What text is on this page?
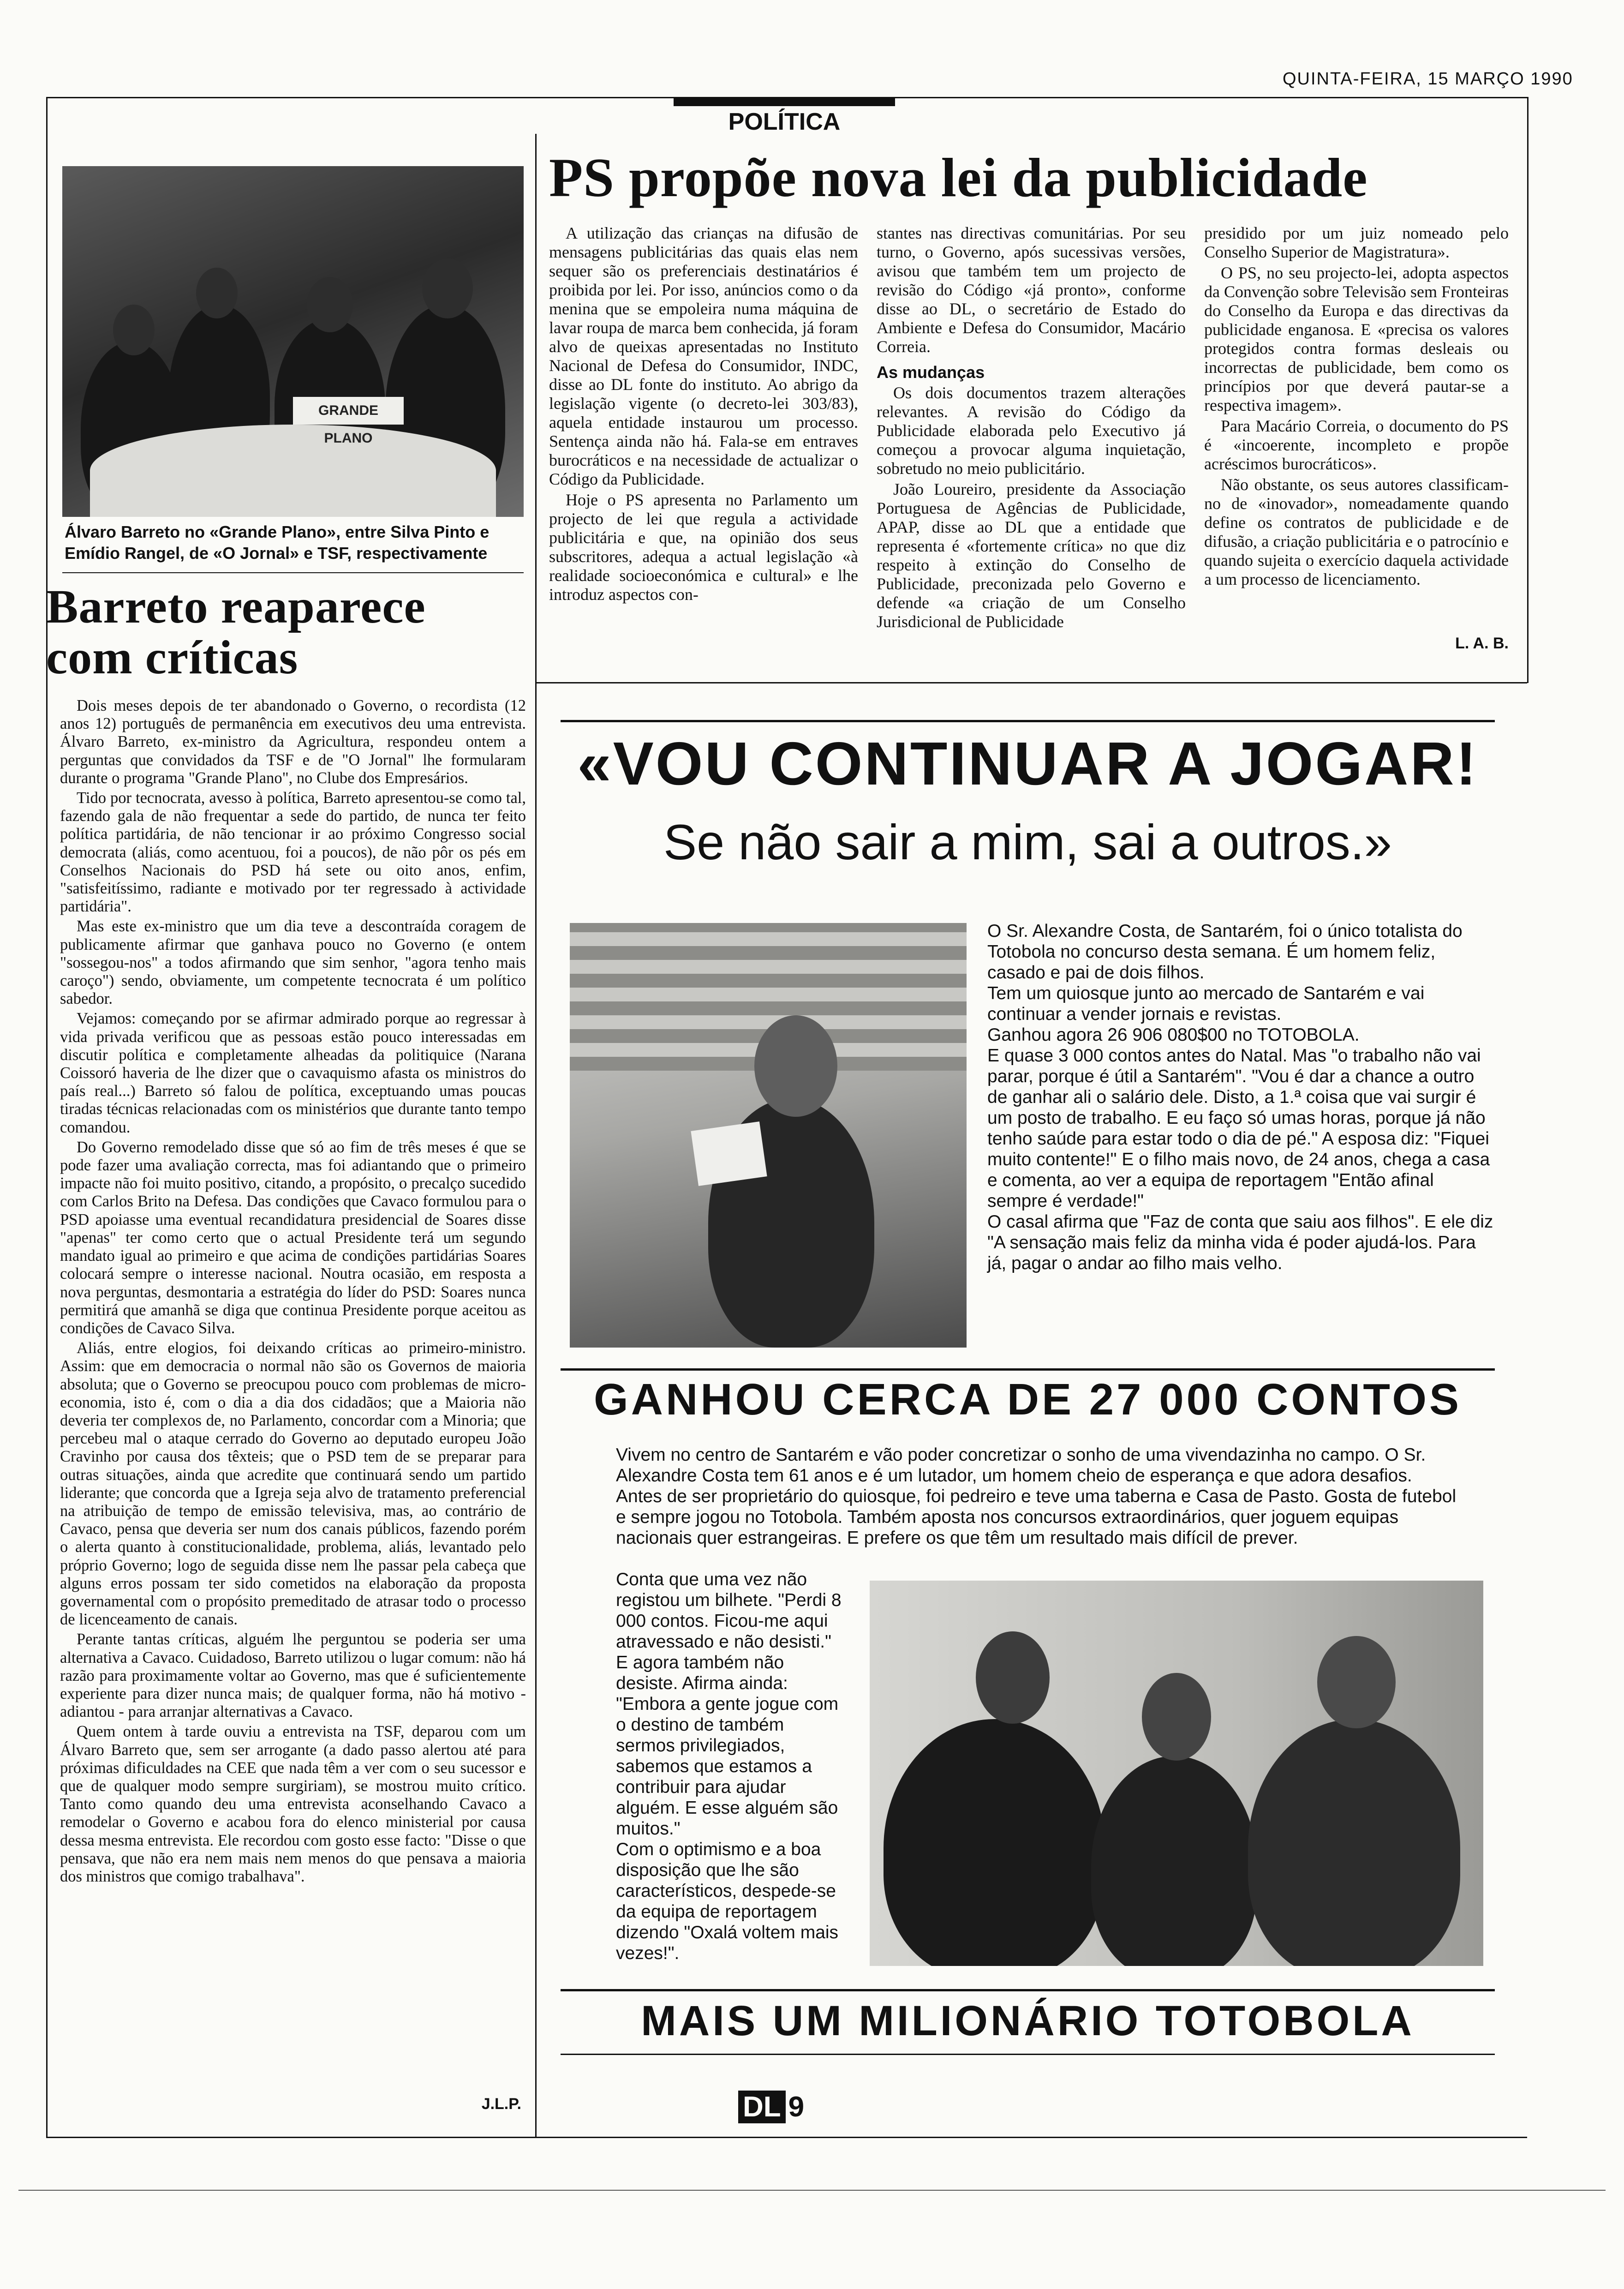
QUINTA-FEIRA, 15 MARÇO 1990
POLÍTICA
PS propõe nova lei da publicidade

A utilização das crianças na difusão de mensagens publicitárias das quais elas nem sequer são os preferenciais destinatários é proibida por lei. Por isso, anúncios como o da menina que se empoleira numa máquina de lavar roupa de marca bem conhecida, já foram alvo de queixas apresentadas no Instituto Nacional de Defesa do Consumidor, INDC, disse ao DL fonte do instituto. Ao abrigo da legislação vigente (o decreto-lei 303/83), aquela entidade instaurou um processo. Sentença ainda não há. Fala-se em entraves burocráticos e na necessidade de actualizar o Código da Publicidade.

Hoje o PS apresenta no Parlamento um projecto de lei que regula a actividade publicitária e que, na opinião dos seus subscritores, adequa a actual legislação «à realidade socioeconómica e cultural» e lhe introduz aspectos con-

stantes nas directivas comunitárias. Por seu turno, o Governo, após sucessivas versões, avisou que também tem um projecto de revisão do Código «já pronto», conforme disse ao DL, o secretário de Estado do Ambiente e Defesa do Consumidor, Macário Correia.

As mudanças

Os dois documentos trazem alterações relevantes. A revisão do Código da Publicidade elaborada pelo Executivo já começou a provocar alguma inquietação, sobretudo no meio publicitário.

João Loureiro, presidente da Associação Portuguesa de Agências de Publicidade, APAP, disse ao DL que a entidade que representa é «fortemente crítica» no que diz respeito à extinção do Conselho de Publicidade, preconizada pelo Governo e defende «a criação de um Conselho Jurisdicional de Publicidade

presidido por um juiz nomeado pelo Conselho Superior de Magistratura».

O PS, no seu projecto-lei, adopta aspectos da Convenção sobre Televisão sem Fronteiras do Conselho da Europa e das directivas da publicidade enganosa. E «precisa os valores protegidos contra formas desleais ou incorrectas de publicidade, bem como os princípios por que deverá pautar-se a respectiva imagem».

Para Macário Correia, o documento do PS é «incoerente, incompleto e propõe acréscimos burocráticos».

Não obstante, os seus autores classificam-no de «inovador», nomeadamente quando define os contratos de publicidade e de difusão, a criação publicitária e o patrocínio e quando sujeita o exercício daquela actividade a um processo de licenciamento.

L. A. B.
GRANDE PLANO
Álvaro Barreto no «Grande Plano», entre Silva Pinto e Emídio Rangel, de «O Jornal» e TSF, respectivamente
Barreto reaparece com críticas

Dois meses depois de ter abandonado o Governo, o recordista (12 anos 12) português de permanência em executivos deu uma entrevista. Álvaro Barreto, ex-ministro da Agricultura, respondeu ontem a perguntas que convidados da TSF e de "O Jornal" lhe formularam durante o programa "Grande Plano", no Clube dos Empresários.

Tido por tecnocrata, avesso à política, Barreto apresentou-se como tal, fazendo gala de não frequentar a sede do partido, de nunca ter feito política partidária, de não tencionar ir ao próximo Congresso social democrata (aliás, como acentuou, foi a poucos), de não pôr os pés em Conselhos Nacionais do PSD há sete ou oito anos, enfim, "satisfeitíssimo, radiante e motivado por ter regressado à actividade partidária".

Mas este ex-ministro que um dia teve a descontraída coragem de publicamente afirmar que ganhava pouco no Governo (e ontem "sossegou-nos" a todos afirmando que sim senhor, "agora tenho mais caroço") sendo, obviamente, um competente tecnocrata é um político sabedor.

Vejamos: começando por se afirmar admirado porque ao regressar à vida privada verificou que as pessoas estão pouco interessadas em discutir política e completamente alheadas da politiquice (Narana Coissoró haveria de lhe dizer que o cavaquismo afasta os ministros do país real...) Barreto só falou de política, exceptuando umas poucas tiradas técnicas relacionadas com os ministérios que durante tanto tempo comandou.

Do Governo remodelado disse que só ao fim de três meses é que se pode fazer uma avaliação correcta, mas foi adiantando que o primeiro impacte não foi muito positivo, citando, a propósito, o precalço sucedido com Carlos Brito na Defesa. Das condições que Cavaco formulou para o PSD apoiasse uma eventual recandidatura presidencial de Soares disse "apenas" ter como certo que o actual Presidente terá um segundo mandato igual ao primeiro e que acima de condições partidárias Soares colocará sempre o interesse nacional. Noutra ocasião, em resposta a nova perguntas, desmontaria a estratégia do líder do PSD: Soares nunca permitirá que amanhã se diga que continua Presidente porque aceitou as condições de Cavaco Silva.

Aliás, entre elogios, foi deixando críticas ao primeiro-ministro. Assim: que em democracia o normal não são os Governos de maioria absoluta; que o Governo se preocupou pouco com problemas de micro-economia, isto é, com o dia a dia dos cidadãos; que a Maioria não deveria ter complexos de, no Parlamento, concordar com a Minoria; que percebeu mal o ataque cerrado do Governo ao deputado europeu João Cravinho por causa dos têxteis; que o PSD tem de se preparar para outras situações, ainda que acredite que continuará sendo um partido liderante; que concorda que a Igreja seja alvo de tratamento preferencial na atribuição de tempo de emissão televisiva, mas, ao contrário de Cavaco, pensa que deveria ser num dos canais públicos, fazendo porém o alerta quanto à constitucionalidade, problema, aliás, levantado pelo próprio Governo; logo de seguida disse nem lhe passar pela cabeça que alguns erros possam ter sido cometidos na elaboração da proposta governamental com o propósito premeditado de atrasar todo o processo de licenceamento de canais.

Perante tantas críticas, alguém lhe perguntou se poderia ser uma alternativa a Cavaco. Cuidadoso, Barreto utilizou o lugar comum: não há razão para proximamente voltar ao Governo, mas que é suficientemente experiente para dizer nunca mais; de qualquer forma, não há motivo -adiantou - para arranjar alternativas a Cavaco.

Quem ontem à tarde ouviu a entrevista na TSF, deparou com um Álvaro Barreto que, sem ser arrogante (a dado passo alertou até para próximas dificuldades na CEE que nada têm a ver com o seu sucessor e que de qualquer modo sempre surgiriam), se mostrou muito crítico. Tanto como quando deu uma entrevista aconselhando Cavaco a remodelar o Governo e acabou fora do elenco ministerial por causa dessa mesma entrevista. Ele recordou com gosto esse facto: "Disse o que pensava, que não era nem mais nem menos do que pensava a maioria dos ministros que comigo trabalhava".

J.L.P.
«VOU CONTINUAR A JOGAR!
Se não sair a mim, sai a outros.»

O Sr. Alexandre Costa, de Santarém, foi o único totalista do Totobola no concurso desta semana. É um homem feliz, casado e pai de dois filhos.

Tem um quiosque junto ao mercado de Santarém e vai continuar a vender jornais e revistas.

Ganhou agora 26 906 080$00 no TOTOBOLA.

E quase 3 000 contos antes do Natal. Mas "o trabalho não vai parar, porque é útil a Santarém". "Vou é dar a chance a outro de ganhar ali o salário dele. Disto, a 1.ª coisa que vai surgir é um posto de trabalho. E eu faço só umas horas, porque já não tenho saúde para estar todo o dia de pé." A esposa diz: "Fiquei muito contente!" E o filho mais novo, de 24 anos, chega a casa e comenta, ao ver a equipa de reportagem "Então afinal sempre é verdade!"

O casal afirma que "Faz de conta que saiu aos filhos". E ele diz "A sensação mais feliz da minha vida é poder ajudá-los. Para já, pagar o andar ao filho mais velho.

GANHOU CERCA DE 27 000 CONTOS
Vivem no centro de Santarém e vão poder concretizar o sonho de uma vivendazinha no campo. O Sr. Alexandre Costa tem 61 anos e é um lutador, um homem cheio de esperança e que adora desafios. Antes de ser proprietário do quiosque, foi pedreiro e teve uma taberna e Casa de Pasto. Gosta de futebol e sempre jogou no Totobola. Também aposta nos concursos extraordinários, quer joguem equipas nacionais quer estrangeiras. E prefere os que têm um resultado mais difícil de prever.

Conta que uma vez não registou um bilhete. "Perdi 8 000 contos. Ficou-me aqui atravessado e não desisti." E agora também não desiste. Afirma ainda: "Embora a gente jogue com o destino de também sermos privilegiados, sabemos que estamos a contribuir para ajudar alguém. E esse alguém são muitos."

Com o optimismo e a boa disposição que lhe são característicos, despede-se da equipa de reportagem dizendo "Oxalá voltem mais vezes!".

MAIS UM MILIONÁRIO TOTOBOLA
DL 9
